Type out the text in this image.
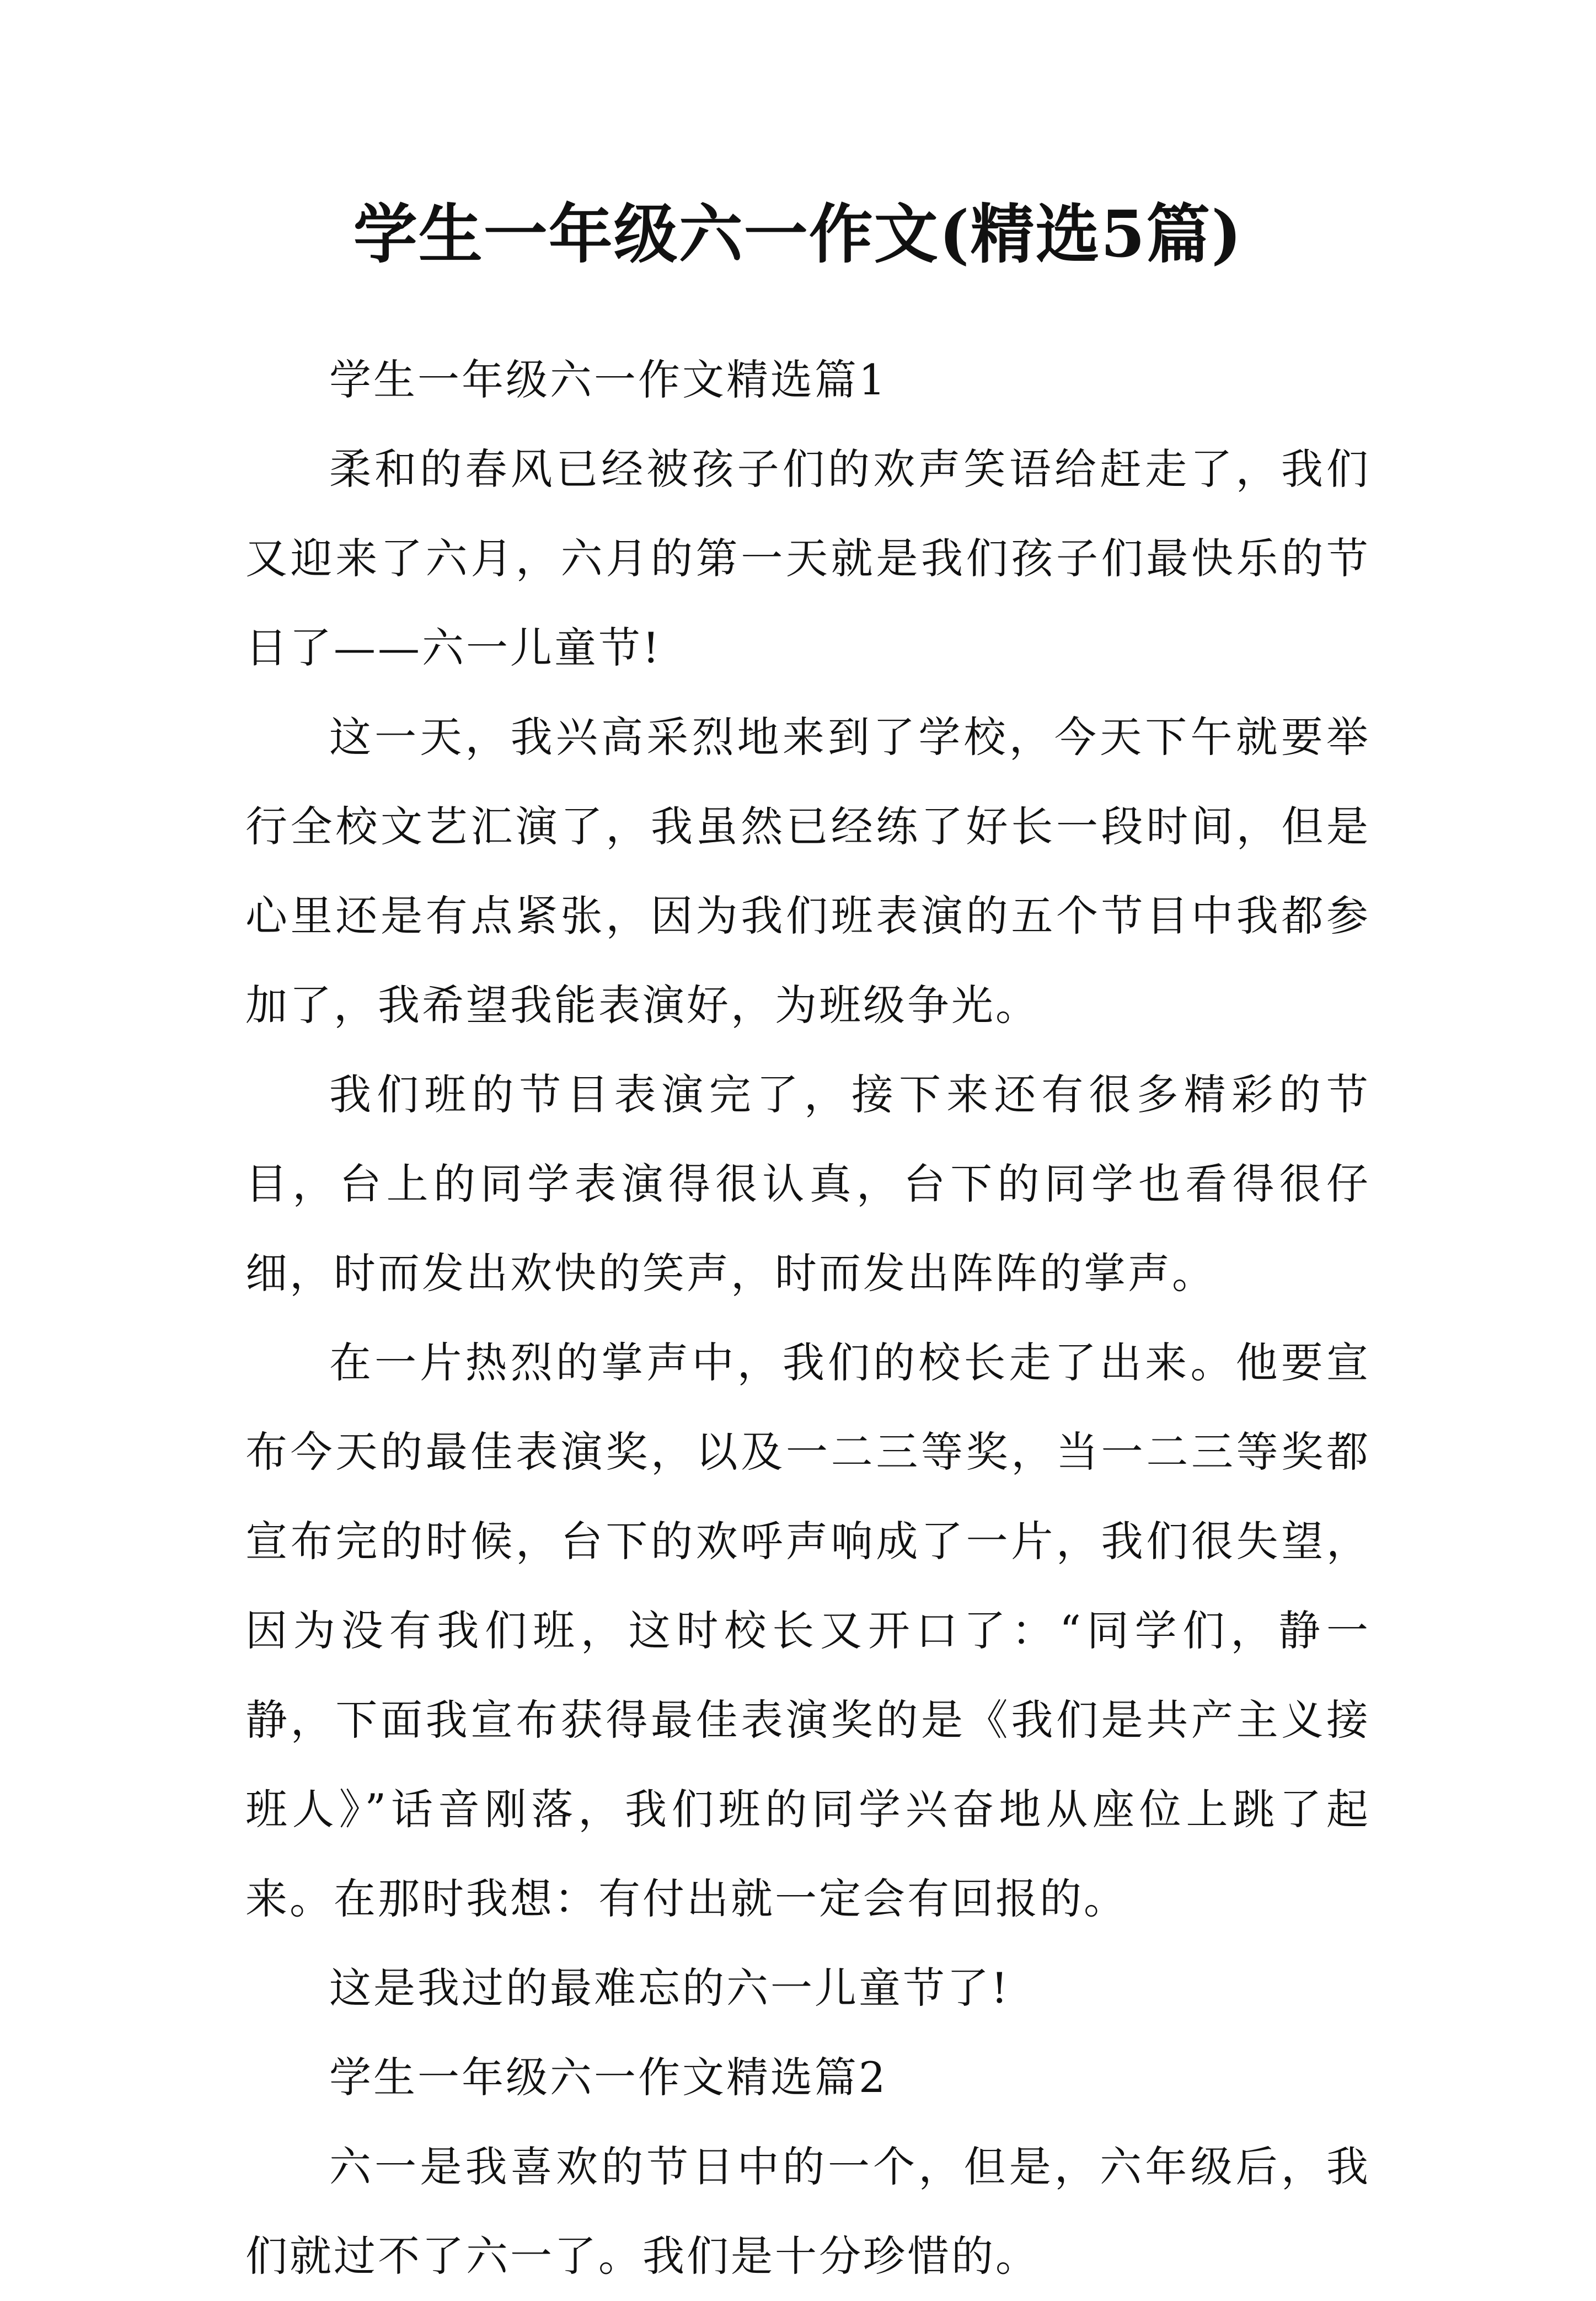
学生一年级六一作文(精选5篇)

学生一年级六一作文精选篇1

柔和的春风已经被孩子们的欢声笑语给赶走了，我们又迎来了六月，六月的第一天就是我们孩子们最快乐的节日了——六一儿童节!

这一天，我兴高采烈地来到了学校，今天下午就要举行全校文艺汇演了，我虽然已经练了好长一段时间，但是心里还是有点紧张，因为我们班表演的五个节目中我都参加了，我希望我能表演好，为班级争光。

我们班的节目表演完了，接下来还有很多精彩的节目，台上的同学表演得很认真，台下的同学也看得很仔细，时而发出欢快的笑声，时而发出阵阵的掌声。

在一片热烈的掌声中，我们的校长走了出来。他要宣布今天的最佳表演奖，以及一二三等奖，当一二三等奖都宣布完的时候，台下的欢呼声响成了一片，我们很失望，因为没有我们班，这时校长又开口了：“同学们，静一静，下面我宣布获得最佳表演奖的是《我们是共产主义接班人》”话音刚落，我们班的同学兴奋地从座位上跳了起来。在那时我想：有付出就一定会有回报的。

这是我过的最难忘的六一儿童节了!

学生一年级六一作文精选篇2

六一是我喜欢的节日中的一个，但是，六年级后，我们就过不了六一了。我们是十分珍惜的。
